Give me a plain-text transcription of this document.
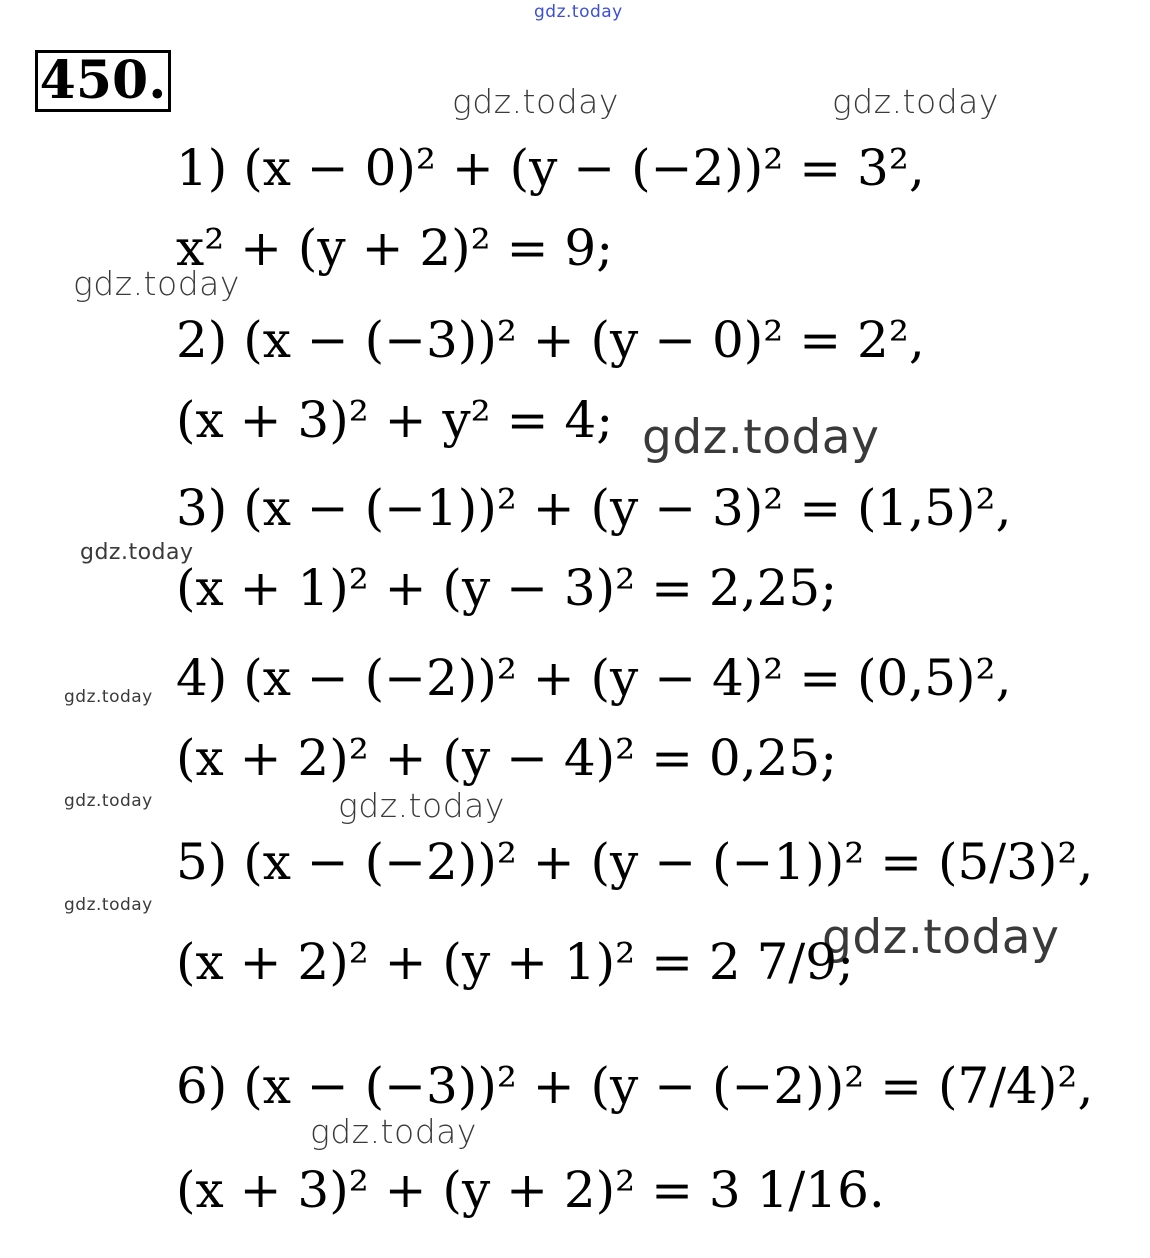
gdz.today
gdz.today	gdz.today
gdz.today
gdz.today
gdz.today
gdz.today
gdz.today	gdz.today
gdz.today
gdz.today
gdz.today
450.
1) (x − 0)² + (y − (−2))² = 3²,
x² + (y + 2)² = 9;
2) (x − (−3))² + (y − 0)² = 2²,
(x + 3)² + y² = 4;
3) (x − (−1))² + (y − 3)² = (1,5)²,
(x + 1)² + (y − 3)² = 2,25;
4) (x − (−2))² + (y − 4)² = (0,5)²,
(x + 2)² + (y − 4)² = 0,25;
5) (x − (−2))² + (y − (−1))² = (5/3)²,
(x + 2)² + (y + 1)² = 2 7/9;
6) (x − (−3))² + (y − (−2))² = (7/4)²,
(x + 3)² + (y + 2)² = 3 1/16.
